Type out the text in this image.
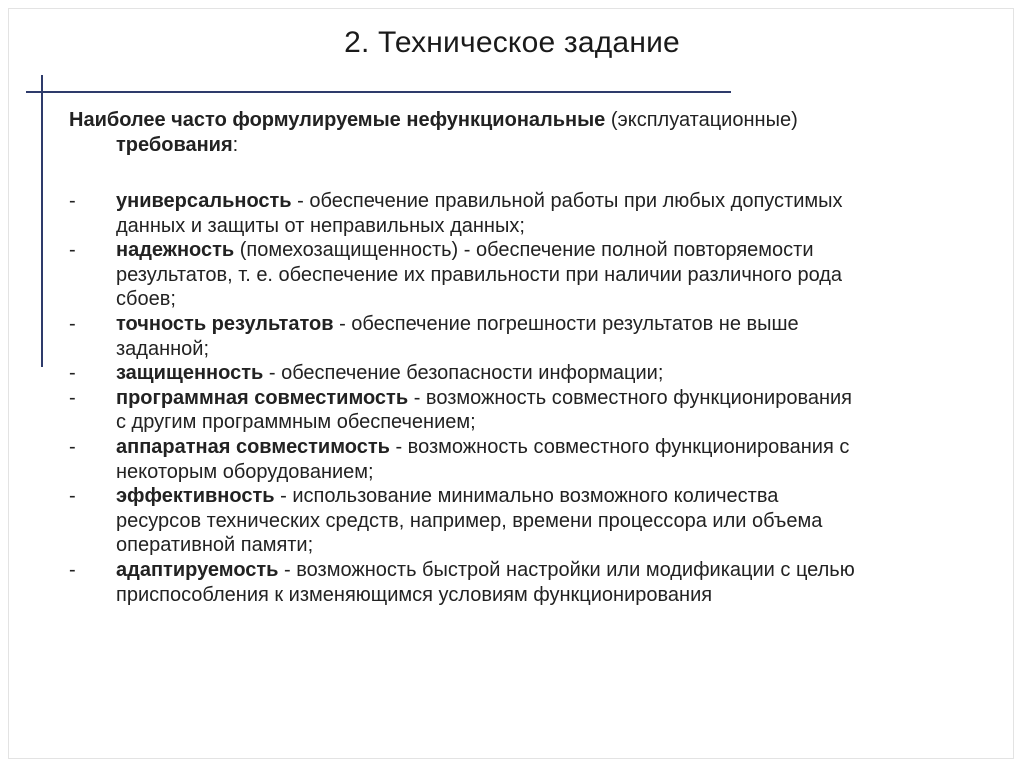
2. Техническое задание
Наиболее часто формулируемые нефункциональные (эксплуатационные)
требования:
- универсальность - обеспечение правильной работы при любых допустимых
данных и защиты от неправильных данных;
- надежность (помехозащищенность) - обеспечение полной повторяемости
результатов, т. е. обеспечение их правильности при наличии различного рода
сбоев;
- точность результатов - обеспечение погрешности результатов не выше
заданной;
- защищенность - обеспечение безопасности информации;
- программная совместимость - возможность совместного функционирования
с другим программным обеспечением;
- аппаратная совместимость - возможность совместного функционирования с
некоторым оборудованием;
- эффективность - использование минимально возможного количества
ресурсов технических средств, например, времени процессора или объема
оперативной памяти;
- адаптируемость - возможность быстрой настройки или модификации с целью
приспособления к изменяющимся условиям функционирования
